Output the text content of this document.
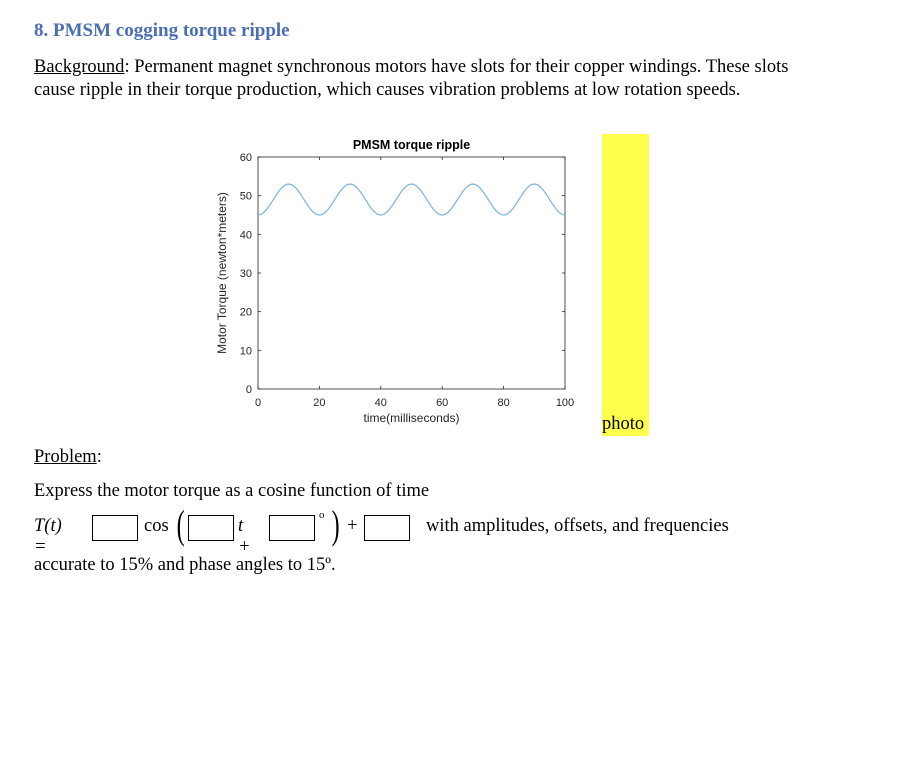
8. PMSM cogging torque ripple
Background: Permanent magnet synchronous motors have slots for their copper windings. These slots cause ripple in their torque production, which causes vibration problems at low rotation speeds.
0	20	40	60	80	100
0
10
20
30
40
50
60
PMSM torque ripple
time(milliseconds)
Motor Torque (newton*meters)
photo
Problem:
Express the motor torque as a cosine function of time
T(t) =
cos (	t +
o ) +	with amplitudes, offsets, and frequencies
accurate to 15% and phase angles to 15º.
